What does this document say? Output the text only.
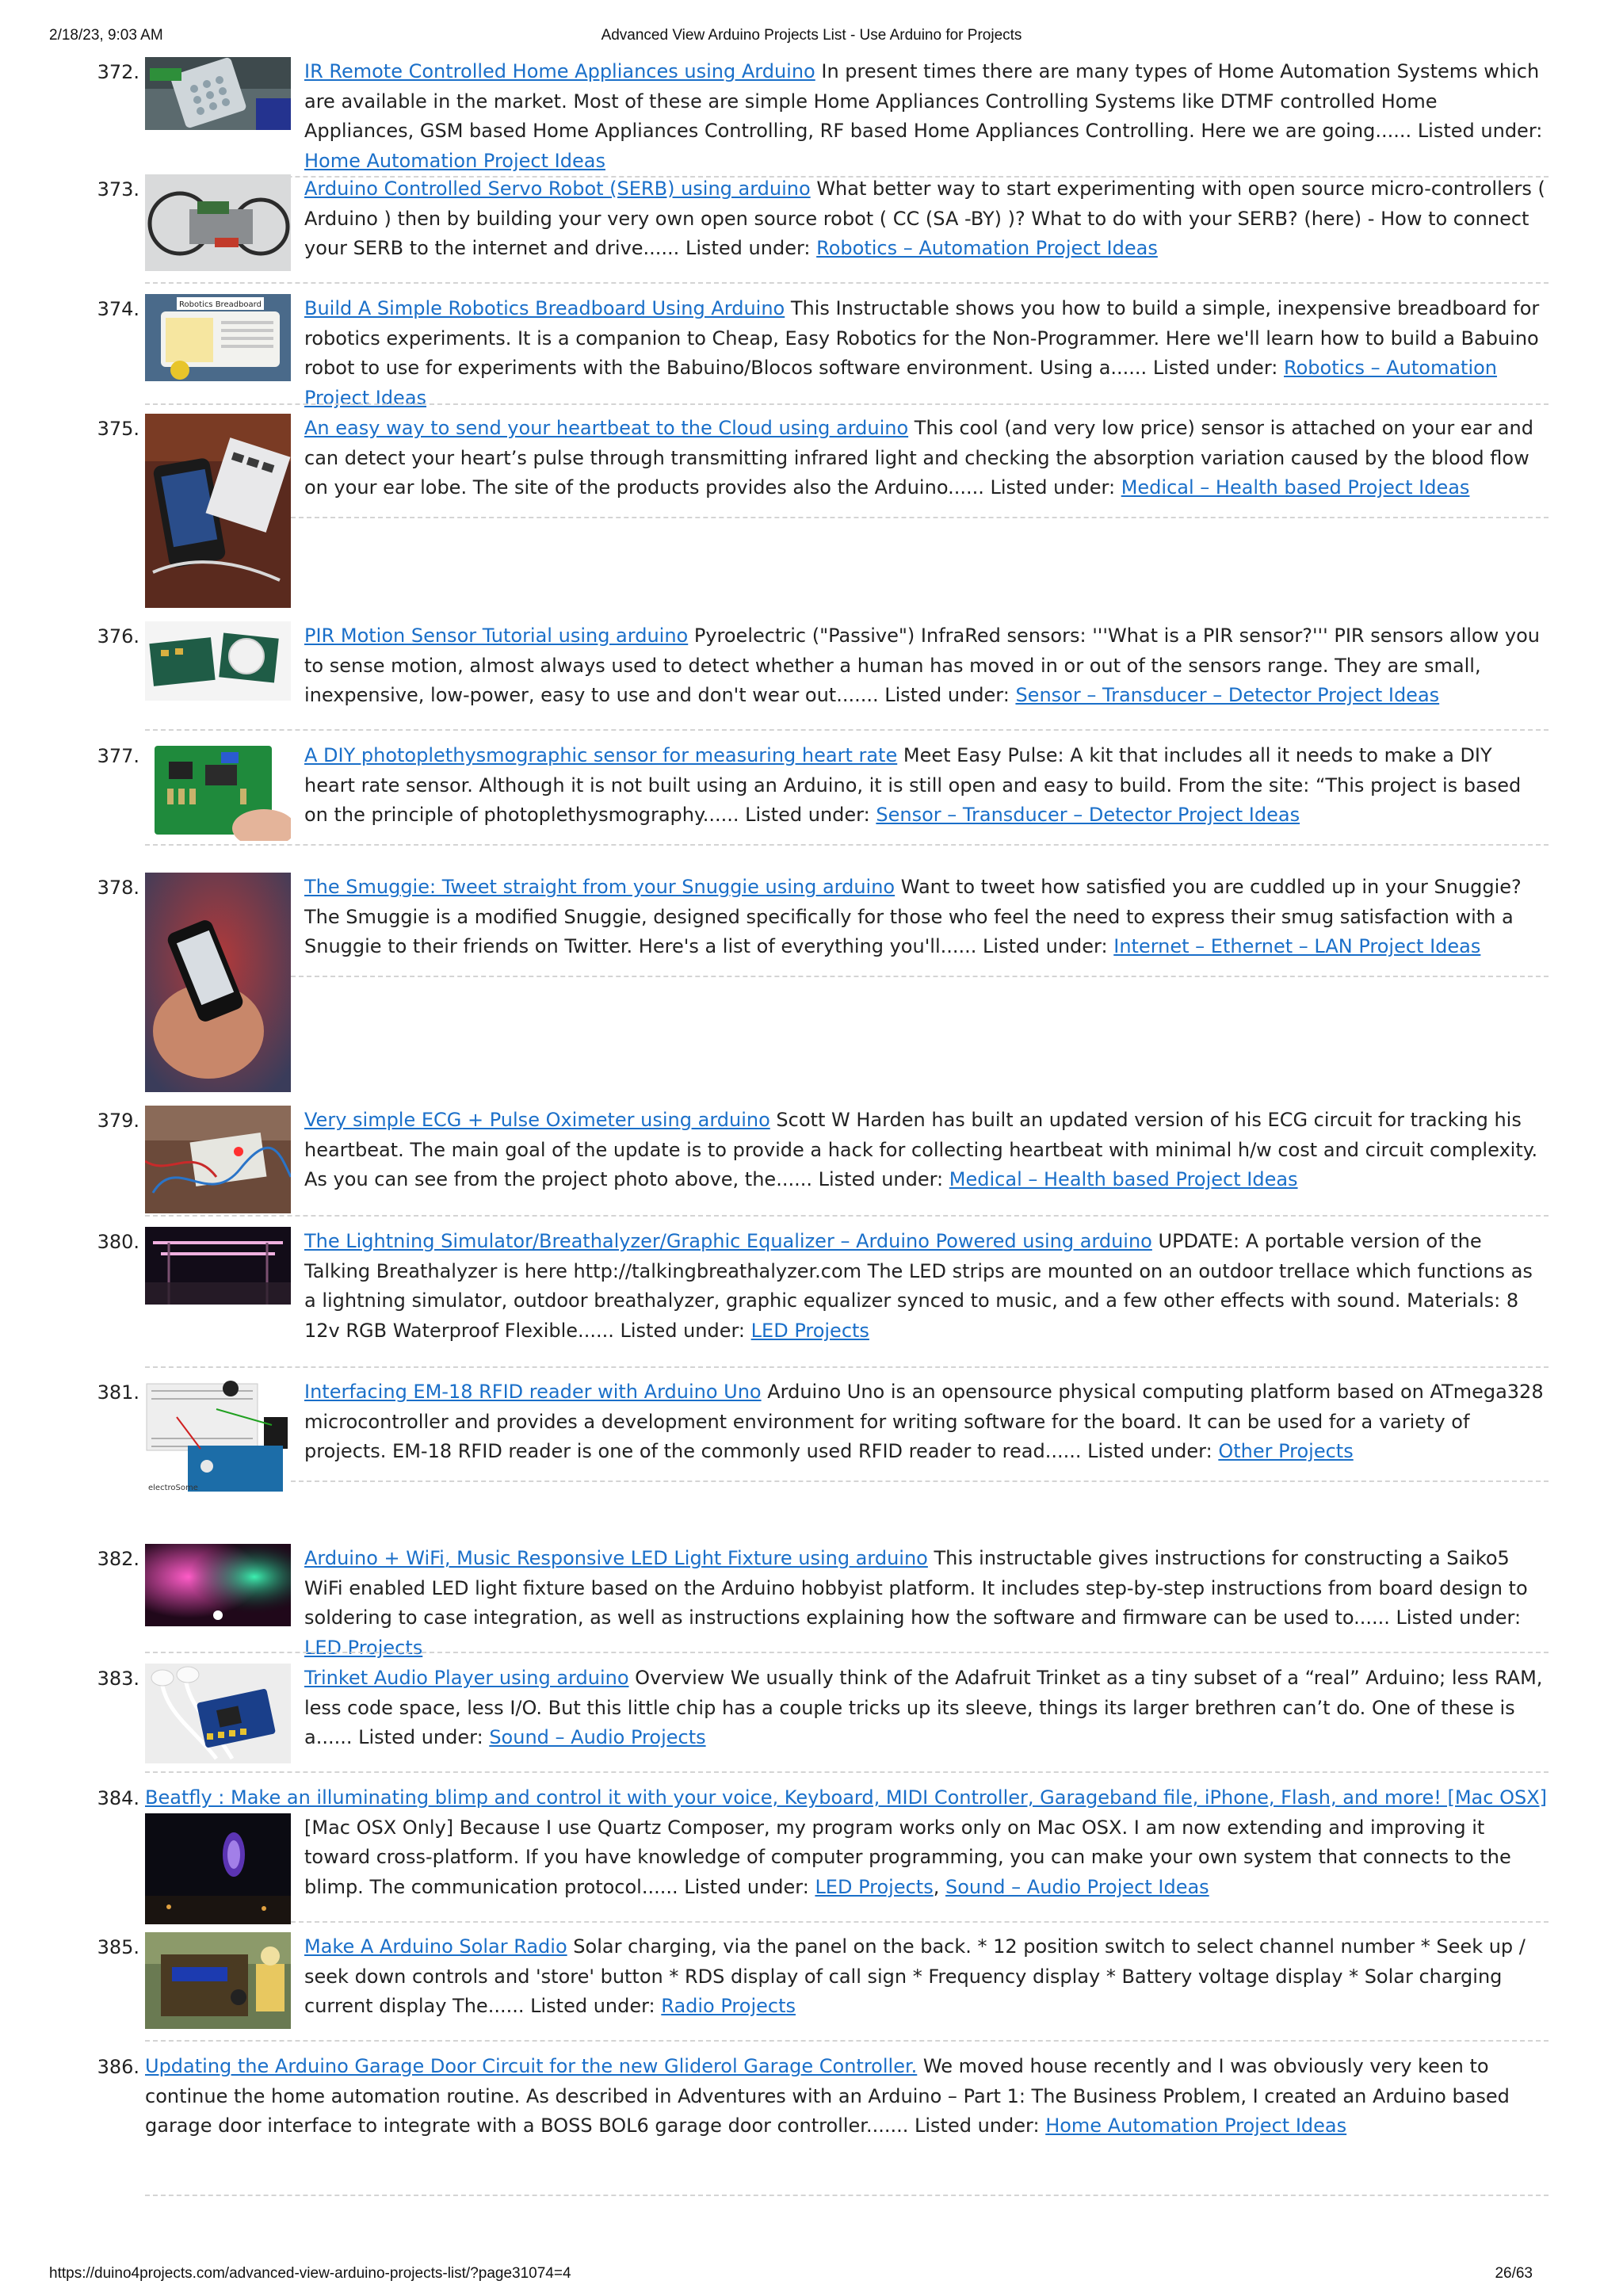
2/18/23, 9:03 AM	Advanced View Arduino Projects List - Use Arduino for Projects
372.	IR Remote Controlled Home Appliances using Arduino In present times there are many types of Home Automation Systems which are available in the market. Most of these are simple Home Appliances Controlling Systems like DTMF controlled Home Appliances, GSM based Home Appliances Controlling, RF based Home Appliances Controlling. Here we are going...... Listed under: Home Automation Project Ideas
373.	Arduino Controlled Servo Robot (SERB) using arduino What better way to start experimenting with open source micro-controllers ( Arduino ) then by building your very own open source robot ( CC (SA -BY) )? What to do with your SERB? (here) - How to connect your SERB to the internet and drive...... Listed under: Robotics – Automation Project Ideas
374.	Robotics Breadboard Build A Simple Robotics Breadboard Using Arduino This Instructable shows you how to build a simple, inexpensive breadboard for robotics experiments. It is a companion to Cheap, Easy Robotics for the Non-Programmer. Here we'll learn how to build a Babuino robot to use for experiments with the Babuino/Blocos software environment. Using a...... Listed under: Robotics – Automation Project Ideas
375.	An easy way to send your heartbeat to the Cloud using arduino This cool (and very low price) sensor is attached on your ear and can detect your heart’s pulse through transmitting infrared light and checking the absorption variation caused by the blood flow on your ear lobe. The site of the products provides also the Arduino...... Listed under: Medical – Health based Project Ideas
376.	PIR Motion Sensor Tutorial using arduino Pyroelectric ("Passive") InfraRed sensors: '''What is a PIR sensor?''' PIR sensors allow you to sense motion, almost always used to detect whether a human has moved in or out of the sensors range. They are small, inexpensive, low-power, easy to use and don't wear out....... Listed under: Sensor – Transducer – Detector Project Ideas
377.	A DIY photoplethysmographic sensor for measuring heart rate Meet Easy Pulse: A kit that includes all it needs to make a DIY heart rate sensor. Although it is not built using an Arduino, it is still open and easy to build. From the site: “This project is based on the principle of photoplethysmography...... Listed under: Sensor – Transducer – Detector Project Ideas
378.	The Smuggie: Tweet straight from your Snuggie using arduino Want to tweet how satisfied you are cuddled up in your Snuggie? The Smuggie is a modified Snuggie, designed specifically for those who feel the need to express their smug satisfaction with a Snuggie to their friends on Twitter. Here's a list of everything you'll...... Listed under: Internet – Ethernet – LAN Project Ideas
379.	Very simple ECG + Pulse Oximeter using arduino Scott W Harden has built an updated version of his ECG circuit for tracking his heartbeat. The main goal of the update is to provide a hack for collecting heartbeat with minimal h/w cost and circuit complexity. As you can see from the project photo above, the...... Listed under: Medical – Health based Project Ideas
380.	The Lightning Simulator/Breathalyzer/Graphic Equalizer – Arduino Powered using arduino UPDATE: A portable version of the Talking Breathalyzer is here http://talkingbreathalyzer.com The LED strips are mounted on an outdoor trellace which functions as a lightning simulator, outdoor breathalyzer, graphic equalizer synced to music, and a few other effects with sound. Materials: 8 12v RGB Waterproof Flexible...... Listed under: LED Projects
381.
electroSome
Interfacing EM-18 RFID reader with Arduino Uno Arduino Uno is an opensource physical computing platform based on ATmega328 microcontroller and provides a development environment for writing software for the board. It can be used for a variety of projects. EM-18 RFID reader is one of the commonly used RFID reader to read...... Listed under: Other Projects
382.	Arduino + WiFi, Music Responsive LED Light Fixture using arduino This instructable gives instructions for constructing a Saiko5 WiFi enabled LED light fixture based on the Arduino hobbyist platform. It includes step-by-step instructions from board design to soldering to case integration, as well as instructions explaining how the software and firmware can be used to...... Listed under: LED Projects
383.	Trinket Audio Player using arduino Overview We usually think of the Adafruit Trinket as a tiny subset of a “real” Arduino; less RAM, less code space, less I/O. But this little chip has a couple tricks up its sleeve, things its larger brethren can’t do. One of these is a...... Listed under: Sound – Audio Projects
384. Beatfly : Make an illuminating blimp and control it with your voice, Keyboard, MIDI Controller, Garageband file, iPhone, Flash, and more! [Mac OSX]

[Mac OSX Only] Because I use Quartz Composer, my program works only on Mac OSX. I am now extending and improving it toward cross-platform. If you have knowledge of computer programming, you can make your own system that connects to the blimp. The communication protocol...... Listed under: LED Projects, Sound – Audio Project Ideas
385.	Make A Arduino Solar Radio Solar charging, via the panel on the back. * 12 position switch to select channel number * Seek up / seek down controls and 'store' button * RDS display of call sign * Frequency display * Battery voltage display * Solar charging current display The...... Listed under: Radio Projects
386. Updating the Arduino Garage Door Circuit for the new Gliderol Garage Controller. We moved house recently and I was obviously very keen to continue the home automation routine. As described in Adventures with an Arduino – Part 1: The Business Problem, I created an Arduino based garage door interface to integrate with a BOSS BOL6 garage door controller....... Listed under: Home Automation Project Ideas
https://duino4projects.com/advanced-view-arduino-projects-list/?page31074=4	26/63
